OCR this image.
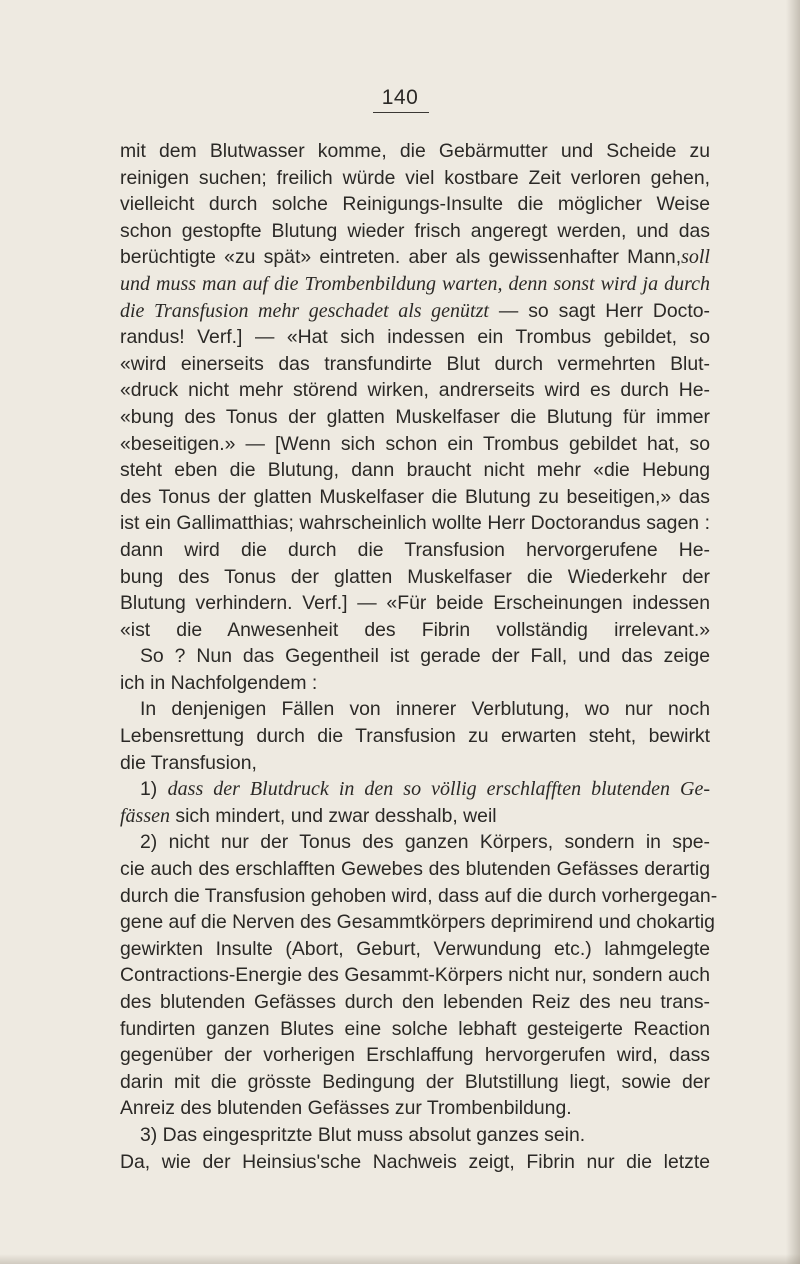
140
mit dem Blutwasser komme, die Gebärmutter und Scheide zu
reinigen suchen; freilich würde viel kostbare Zeit verloren gehen,
vielleicht durch solche Reinigungs-Insulte die möglicher Weise
schon gestopfte Blutung wieder frisch angeregt werden, und das
berüchtigte «zu spät» eintreten. aber als gewissenhafter Mann,soll
und muss man auf die Trombenbildung warten, denn sonst wird ja durch
die Transfusion mehr geschadet als genützt — so sagt Herr Docto-
randus! Verf.] — «Hat sich indessen ein Trombus gebildet, so
«wird einerseits das transfundirte Blut durch vermehrten Blut-
«druck nicht mehr störend wirken, andrerseits wird es durch He-
«bung des Tonus der glatten Muskelfaser die Blutung für immer
«beseitigen.» — [Wenn sich schon ein Trombus gebildet hat, so
steht eben die Blutung, dann braucht nicht mehr «die Hebung
des Tonus der glatten Muskelfaser die Blutung zu beseitigen,» das
ist ein Gallimatthias; wahrscheinlich wollte Herr Doctorandus sagen :
dann wird die durch die Transfusion hervorgerufene He-
bung des Tonus der glatten Muskelfaser die Wiederkehr der
Blutung verhindern. Verf.] — «Für beide Erscheinungen indessen
«ist die Anwesenheit des Fibrin vollständig irrelevant.»
So ? Nun das Gegentheil ist gerade der Fall, und das zeige
ich in Nachfolgendem :
In denjenigen Fällen von innerer Verblutung, wo nur noch
Lebensrettung durch die Transfusion zu erwarten steht, bewirkt
die Transfusion,
1) dass der Blutdruck in den so völlig erschlafften blutenden Ge-
fässen sich mindert, und zwar desshalb, weil
2) nicht nur der Tonus des ganzen Körpers, sondern in spe-
cie auch des erschlafften Gewebes des blutenden Gefässes derartig
durch die Transfusion gehoben wird, dass auf die durch vorhergegan-
gene auf die Nerven des Gesammtkörpers deprimirend und chokartig
gewirkten Insulte (Abort, Geburt, Verwundung etc.) lahmgelegte
Contractions-Energie des Gesammt-Körpers nicht nur, sondern auch
des blutenden Gefässes durch den lebenden Reiz des neu trans-
fundirten ganzen Blutes eine solche lebhaft gesteigerte Reaction
gegenüber der vorherigen Erschlaffung hervorgerufen wird, dass
darin mit die grösste Bedingung der Blutstillung liegt, sowie der
Anreiz des blutenden Gefässes zur Trombenbildung.
3) Das eingespritzte Blut muss absolut ganzes sein.
Da, wie der Heinsius'sche Nachweis zeigt, Fibrin nur die letzte
